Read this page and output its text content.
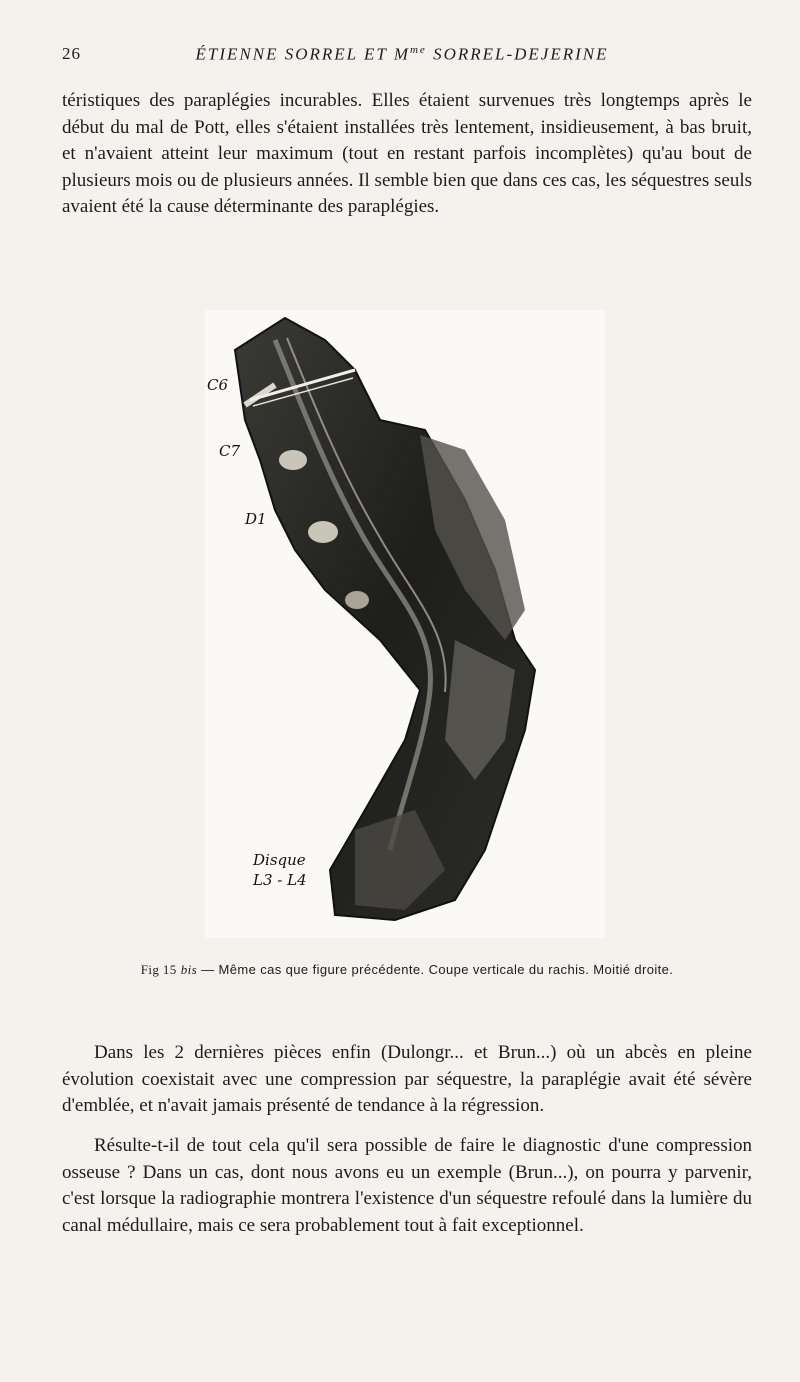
26	ÉTIENNE SORREL ET $M^{me}$ SORREL-DEJERINE

téristiques des paraplégies incurables. Elles étaient survenues très longtemps après le début du mal de Pott, elles s'étaient installées très lentement, insidieusement, à bas bruit, et n'avaient atteint leur maximum (tout en restant parfois incomplètes) qu'au bout de plusieurs mois ou de plusieurs années. Il semble bien que dans ces cas, les séquestres seuls avaient été la cause déterminante des paraplégies.

C6
C7
D1
Disque
L3 - L4
Fig 15 bis — Même cas que figure précédente. Coupe verticale du rachis. Moitié droite.

Dans les 2 dernières pièces enfin (Dulongr... et Brun...) où un abcès en pleine évolution coexistait avec une compression par séquestre, la paraplégie avait été sévère d'emblée, et n'avait jamais présenté de tendance à la régression.

Résulte-t-il de tout cela qu'il sera possible de faire le diagnostic d'une compression osseuse ? Dans un cas, dont nous avons eu un exemple (Brun...), on pourra y parvenir, c'est lorsque la radiographie montrera l'existence d'un séquestre refoulé dans la lumière du canal médullaire, mais ce sera probablement tout à fait exceptionnel.
